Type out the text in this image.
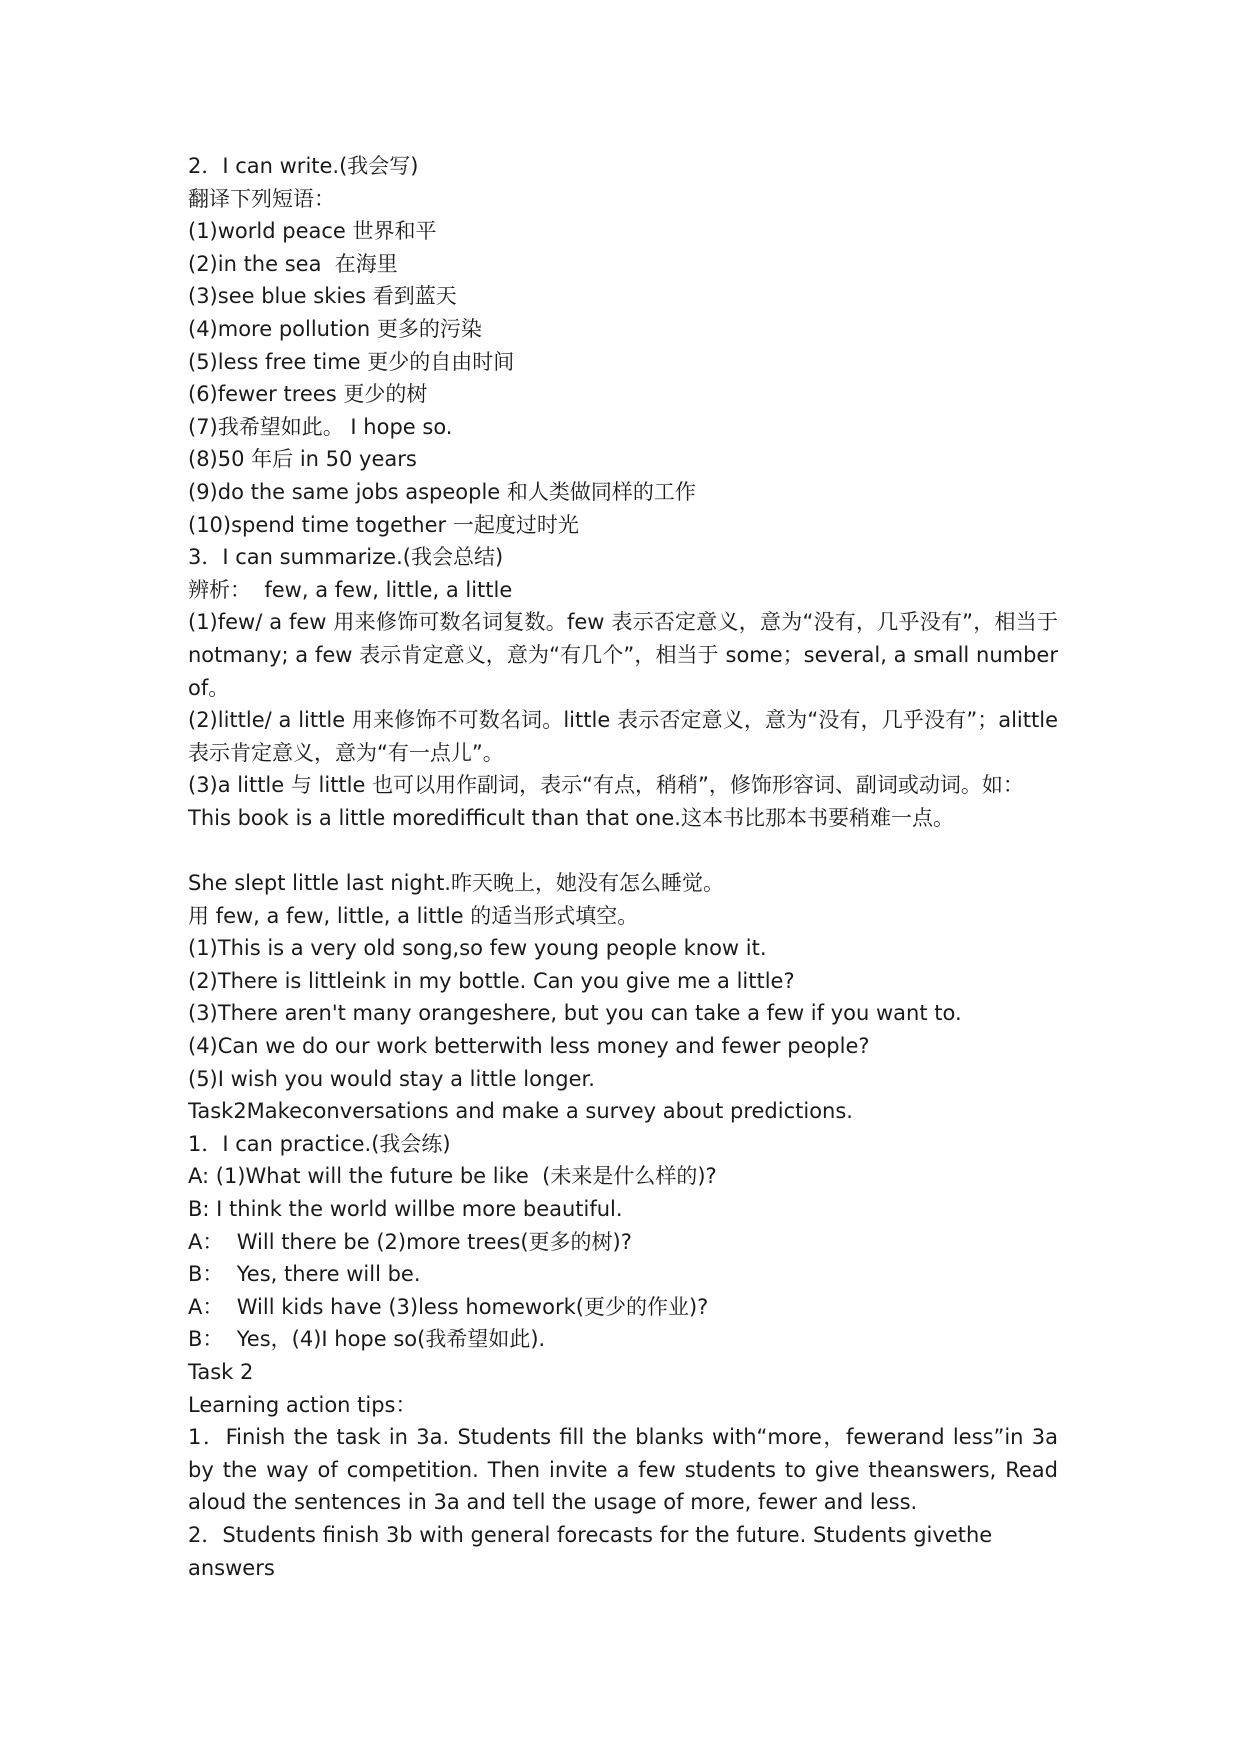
2．I can write.(我会写)
翻译下列短语：
(1)world peace 世界和平
(2)in the sea  在海里
(3)see blue skies 看到蓝天
(4)more pollution 更多的污染
(5)less free time 更少的自由时间
(6)fewer trees 更少的树
(7)我希望如此。 I hope so.
(8)50 年后 in 50 years
(9)do the same jobs aspeople 和人类做同样的工作
(10)spend time together 一起度过时光
3．I can summarize.(我会总结)
辨析：  few, a few, little, a little

(1)few/ a few 用来修饰可数名词复数。few 表示否定意义，意为“没有，几乎没有”，相当于 notmany; a few 表示肯定意义，意为“有几个”，相当于 some；several, a small number of。

(2)little/ a little 用来修饰不可数名词。little 表示否定意义，意为“没有，几乎没有”；alittle 表示肯定意义，意为“有一点儿”。

(3)a little 与 little 也可以用作副词，表示“有点，稍稍”，修饰形容词、副词或动词。如：

This book is a little moredifficult than that one.这本书比那本书要稍难一点。
She slept little last night.昨天晚上，她没有怎么睡觉。
用 few, a few, little, a little 的适当形式填空。
(1)This is a very old song,so few young people know it.
(2)There is littleink in my bottle. Can you give me a little?
(3)There aren't many orangeshere, but you can take a few if you want to.
(4)Can we do our work betterwith less money and fewer people?
(5)I wish you would stay a little longer.
Task2Makeconversations and make a survey about predictions.
1．I can practice.(我会练)
A: (1)What will the future be like  (未来是什么样的)?
B: I think the world willbe more beautiful.
A：  Will there be (2)more trees(更多的树)?
B：  Yes, there will be.
A：  Will kids have (3)less homework(更少的作业)?
B：  Yes，(4)I hope so(我希望如此).
Task 2
Learning action tips：

1．Finish the task in 3a. Students fill the blanks with“more，fewerand less”in 3a by the way of competition. Then invite a few students to give theanswers, Read aloud the sentences in 3a and tell the usage of more, fewer and less.

2．Students finish 3b with general forecasts for the future. Students givethe answers
